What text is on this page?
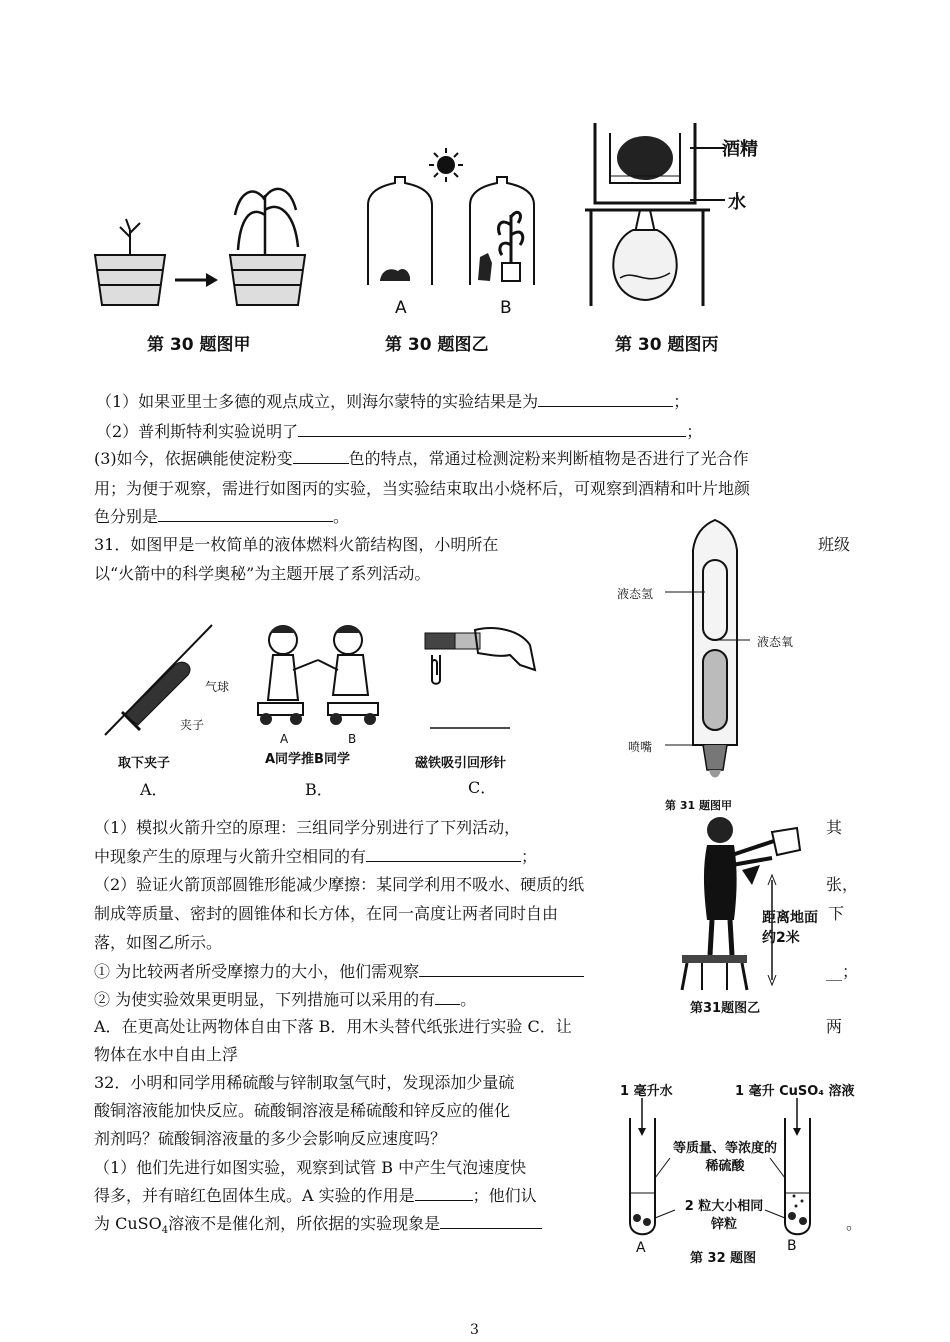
第 30 题图甲
A	B
第 30 题图乙
酒精
水
第 30 题图丙
（1）如果亚里士多德的观点成立，则海尔蒙特的实验结果是为	；
（2）普利斯特利实验说明了	；
(3)如今，依据碘能使淀粉变	色的特点，常通过检测淀粉来判断植物是否进行了光合作
用；为便于观察，需进行如图丙的实验，当实验结束取出小烧杯后，可观察到酒精和叶片地颜
色分别是	。
31．如图甲是一枚简单的液体燃料火箭结构图，小明所在	班级
以“火箭中的科学奥秘”为主题开展了系列活动。
液态氢
液态氧
喷嘴
第 31 题图甲
气球
夹子
取下夹子
A．
A	B
A同学推B同学
B．
磁铁吸引回形针
C．
（1）模拟火箭升空的原理：三组同学分别进行了下列活动，	其
中现象产生的原理与火箭升空相同的有	；
（2）验证火箭顶部圆锥形能减少摩擦：某同学利用不吸水、硬质的纸	张，
制成等质量、密封的圆锥体和长方体，在同一高度让两者同时自由	下
落，如图乙所示。
① 为比较两者所受摩擦力的大小，他们需观察	__；
② 为使实验效果更明显，下列措施可以采用的有 。
A．在更高处让两物体自由下落 B．用木头替代纸张进行实验 C．让	两
物体在水中自由上浮
距离地面约2米
第31题图乙
32．小明和同学用稀硫酸与锌制取氢气时，发现添加少量硫
酸铜溶液能加快反应。硫酸铜溶液是稀硫酸和锌反应的催化
剂剂吗？硫酸铜溶液量的多少会影响反应速度吗？
（1）他们先进行如图实验，观察到试管 B 中产生气泡速度快
得多，并有暗红色固体生成。A 实验的作用是	；他们认
为 CuSO$_4$溶液不是催化剂，所依据的实验现象是	。
1 毫升水	1 毫升 CuSO₄ 溶液
等质量、等浓度的稀硫酸
2 粒大小相同锌粒
A	B
第 32 题图
3
